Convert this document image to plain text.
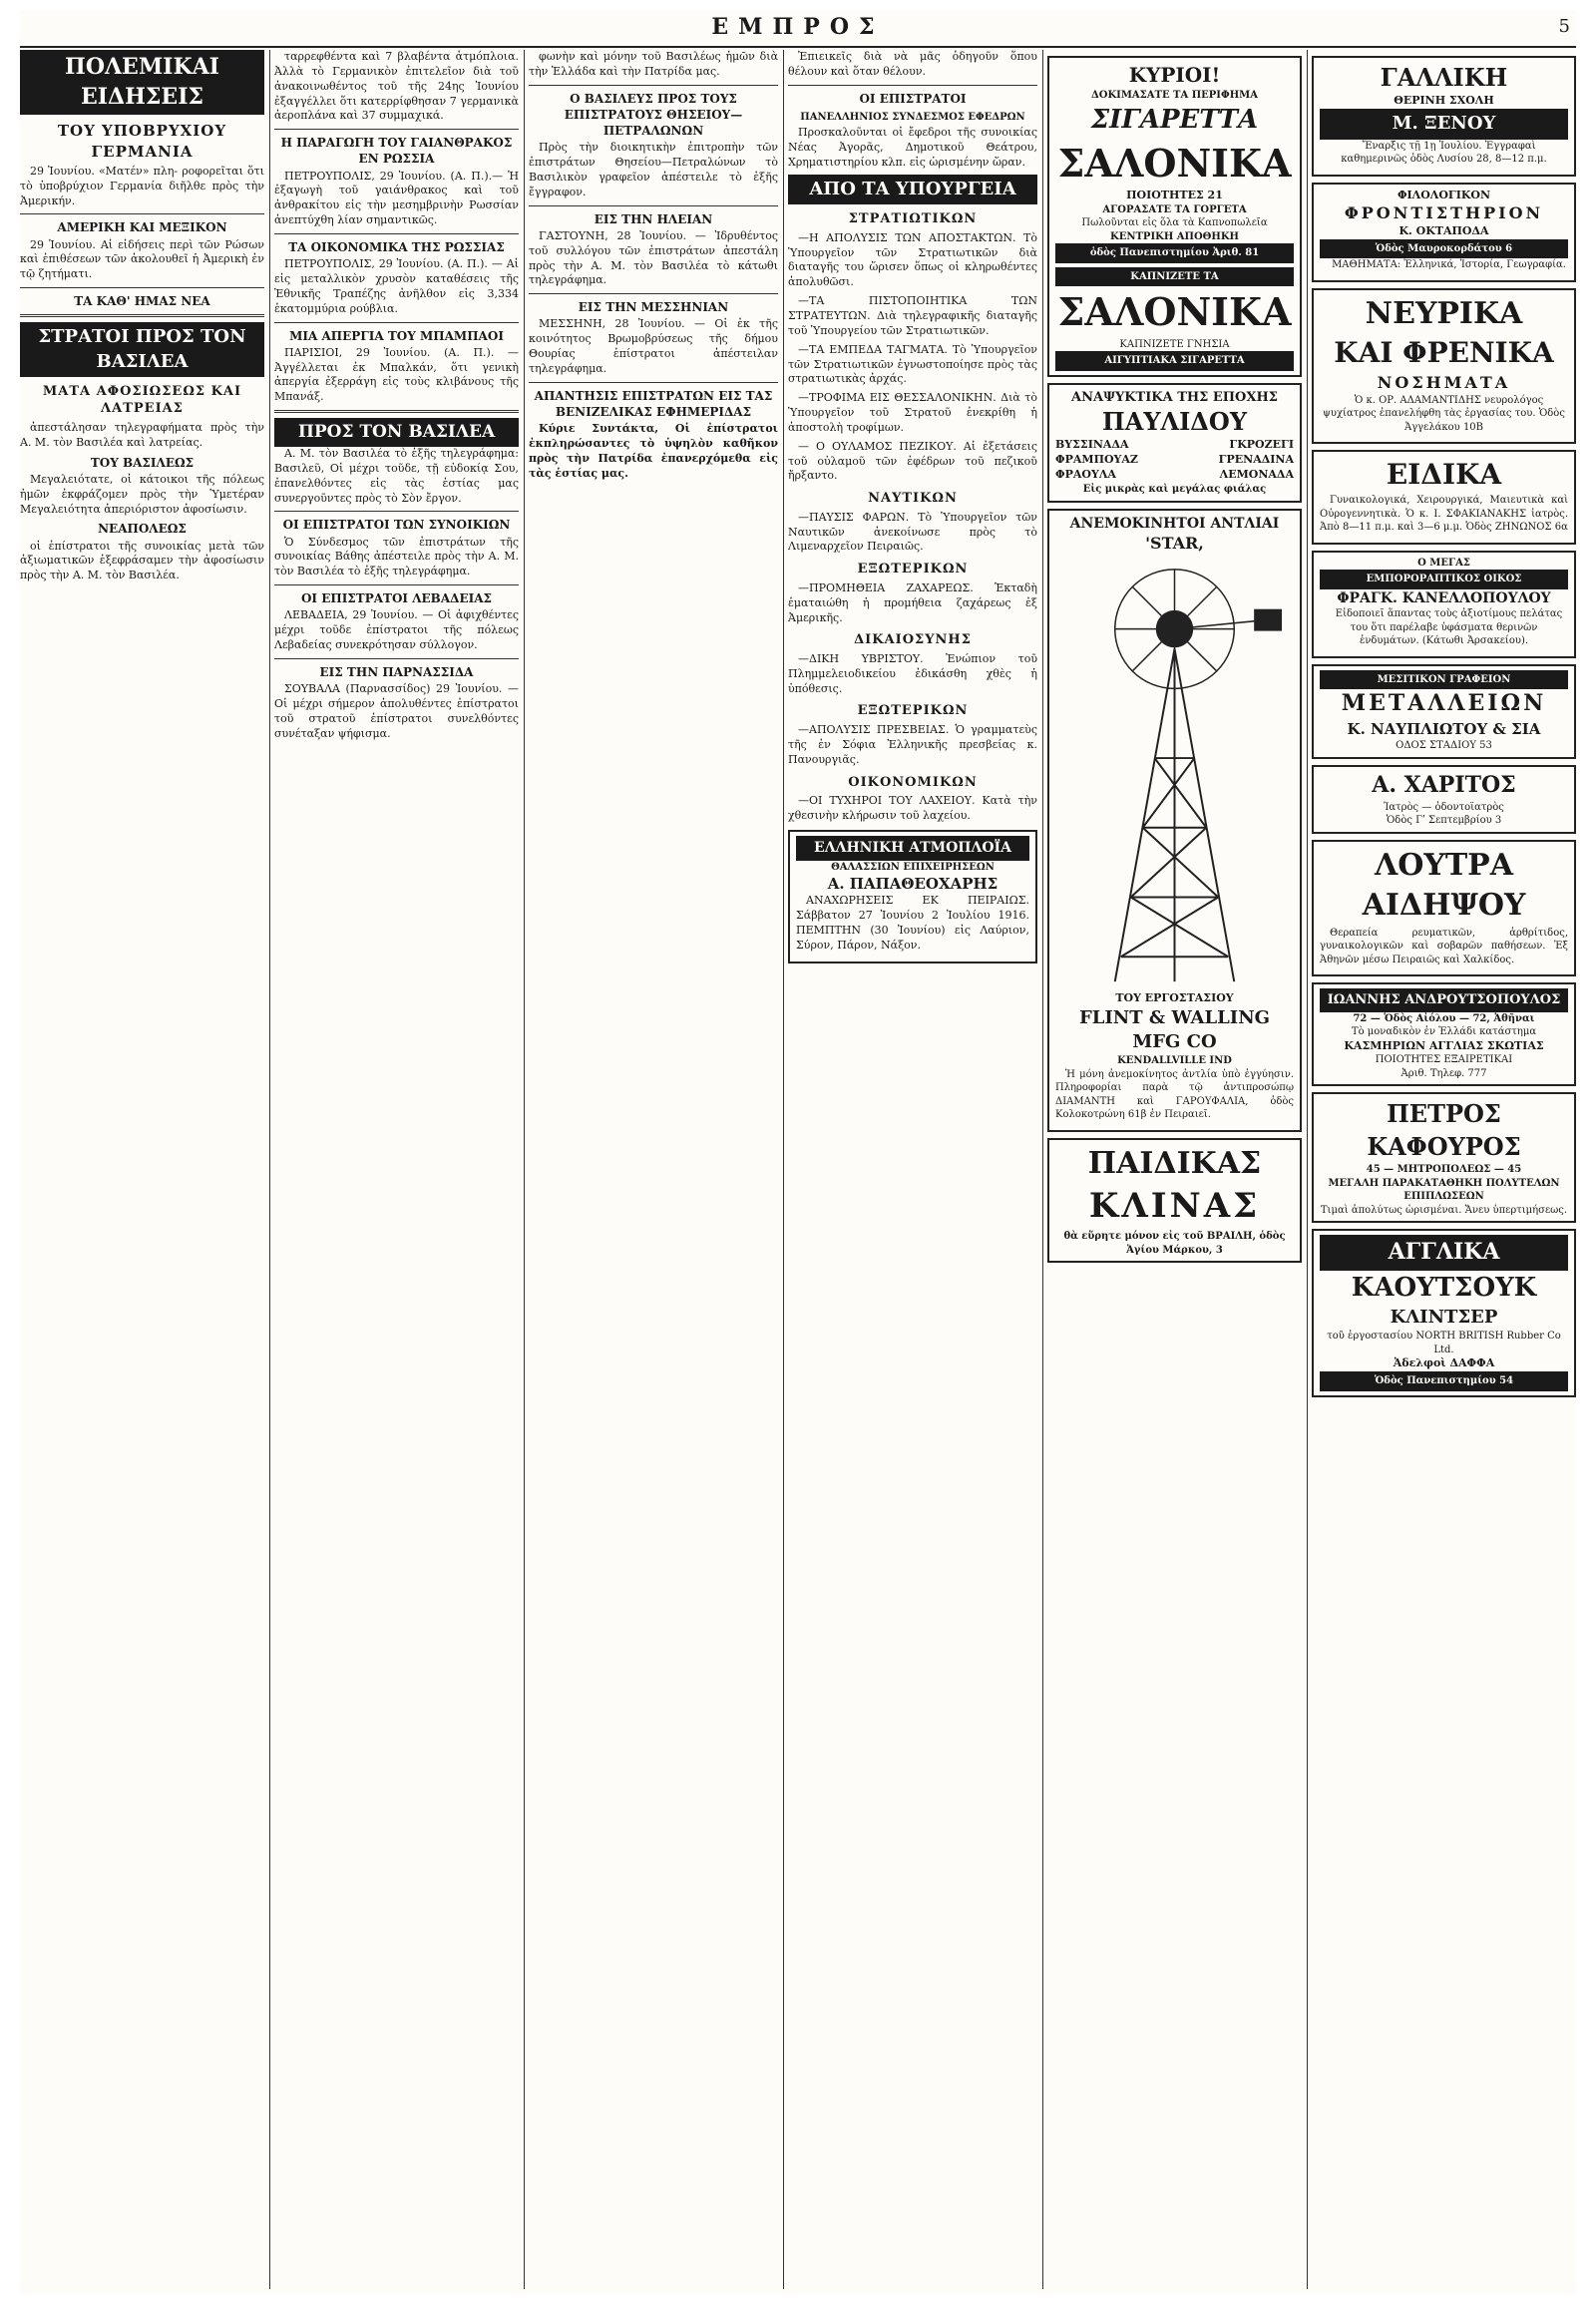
ΕΜΠΡΟΣ	5
ΠΟΛΕΜΙΚΑΙ ΕΙΔΗΣΕΙΣ
ΤΟΥ ΥΠΟΒΡΥΧΙΟΥ ΓΕΡΜΑΝΙΑ

29 Ἰουνίου. «Ματέν» πλη- ροφορεῖται ὅτι τὸ ὑποβρύχιον Γερμανία διῆλθε πρὸς τὴν Ἀμερικήν.

ΑΜΕΡΙΚΗ ΚΑΙ ΜΕΞΙΚΟΝ

29 Ἰουνίου. Αἱ εἰδήσεις περὶ τῶν Ρώσων καὶ ἐπιθέσεων τῶν ἀκολουθεῖ ἡ Ἀμερικὴ ἐν τῷ ζητήματι.

ΤΑ ΚΑΘ' ΗΜΑΣ ΝΕΑ
ΣΤΡΑΤΟΙ ΠΡΟΣ ΤΟΝ ΒΑΣΙΛΕΑ
ΜΑΤΑ ΑΦΟΣΙΩΣΕΩΣ ΚΑΙ ΛΑΤΡΕΙΑΣ

ἀπεστάλησαν τηλεγραφήματα πρὸς τὴν Α. Μ. τὸν Βασιλέα καὶ λατρείας.

ΤΟΥ ΒΑΣΙΛΕΩΣ

Μεγαλειότατε, οἱ κάτοικοι τῆς πόλεως ἡμῶν ἐκφράζομεν πρὸς τὴν Ὑμετέραν Μεγαλειότητα ἀπεριόριστον ἀφοσίωσιν.

ΝΕΑΠΟΛΕΩΣ

οἱ ἐπίστρατοι τῆς συνοικίας μετὰ τῶν ἀξιωματικῶν ἐξεφράσαμεν τὴν ἀφοσίωσιν πρὸς τὴν Α. Μ. τὸν Βασιλέα.

ταρρεφθέντα καὶ 7 βλαβέντα ἀτμόπλοια. Ἀλλὰ τὸ Γερμανικὸν ἐπιτελεῖον διὰ τοῦ ἀνακοινωθέντος τοῦ τῆς 24ης Ἰουνίου ἐξαγγέλλει ὅτι κατερρίφθησαν 7 γερμανικὰ ἀεροπλάνα καὶ 37 συμμαχικά.

Η ΠΑΡΑΓΩΓΗ ΤΟΥ ΓΑΙΑΝΘΡΑΚΟΣ ΕΝ ΡΩΣΣΙΑ

ΠΕΤΡΟΥΠΟΛΙΣ, 29 Ἰουνίου. (Α. Π.).— Ἡ ἐξαγωγὴ τοῦ γαιάνθρακος καὶ τοῦ ἀνθρακίτου εἰς τὴν μεσημβρινὴν Ρωσσίαν ἀνεπτύχθη λίαν σημαντικῶς.

ΤΑ ΟΙΚΟΝΟΜΙΚΑ ΤΗΣ ΡΩΣΣΙΑΣ

ΠΕΤΡΟΥΠΟΛΙΣ, 29 Ἰουνίου. (Α. Π.). — Αἱ εἰς μεταλλικὸν χρυσὸν καταθέσεις τῆς Ἐθνικῆς Τραπέζης ἀνῆλθον εἰς 3,334 ἑκατομμύρια ρούβλια.

ΜΙΑ ΑΠΕΡΓΙΑ ΤΟΥ ΜΠΑΜΠΑΟΙ

ΠΑΡΙΣΙΟΙ, 29 Ἰουνίου. (Α. Π.). — Ἀγγέλλεται ἐκ Μπαλκάν, ὅτι γενικὴ ἀπεργία ἐξερράγη εἰς τοὺς κλιβάνους τῆς Μπανάξ.

ΠΡΟΣ ΤΟΝ ΒΑΣΙΛΕΑ

Α. Μ. τὸν Βασιλέα τὸ ἑξῆς τηλεγράφημα: Βασιλεῦ, Οἱ μέχρι τοῦδε, τῇ εὐδοκίᾳ Σου, ἐπανελθόντες εἰς τὰς ἑστίας μας συνεργοῦντες πρὸς τὸ Σὸν ἔργον.

ΟΙ ΕΠΙΣΤΡΑΤΟΙ ΤΩΝ ΣΥΝΟΙΚΙΩΝ

Ὁ Σύνδεσμος τῶν ἐπιστράτων τῆς συνοικίας Βάθης ἀπέστειλε πρὸς τὴν Α. Μ. τὸν Βασιλέα τὸ ἑξῆς τηλεγράφημα.

ΟΙ ΕΠΙΣΤΡΑΤΟΙ ΛΕΒΑΔΕΙΑΣ

ΛΕΒΑΔΕΙΑ, 29 Ἰουνίου. — Οἱ ἀφιχθέντες μέχρι τοῦδε ἐπίστρατοι τῆς πόλεως Λεβαδείας συνεκρότησαν σύλλογον.

ΕΙΣ ΤΗΝ ΠΑΡΝΑΣΣΙΔΑ

ΣΟΥΒΑΛΑ (Παρνασσίδος) 29 Ἰουνίου. — Οἱ μέχρι σήμερον ἀπολυθέντες ἐπίστρατοι τοῦ στρατοῦ ἐπίστρατοι συνελθόντες συνέταξαν ψήφισμα.

φωνὴν καὶ μόνην τοῦ Βασιλέως ἡμῶν διὰ τὴν Ἑλλάδα καὶ τὴν Πατρίδα μας.

Ο ΒΑΣΙΛΕΥΣ ΠΡΟΣ ΤΟΥΣ ΕΠΙΣΤΡΑΤΟΥΣ ΘΗΣΕΙΟΥ—ΠΕΤΡΑΛΩΝΩΝ

Πρὸς τὴν διοικητικὴν ἐπιτροπὴν τῶν ἐπιστράτων Θησείου—Πετραλώνων τὸ Βασιλικὸν γραφεῖον ἀπέστειλε τὸ ἑξῆς ἔγγραφον.

ΕΙΣ ΤΗΝ ΗΛΕΙΑΝ

ΓΑΣΤΟΥΝΗ, 28 Ἰουνίου. — Ἰδρυθέντος τοῦ συλλόγου τῶν ἐπιστράτων ἀπεστάλη πρὸς τὴν Α. Μ. τὸν Βασιλέα τὸ κάτωθι τηλεγράφημα.

ΕΙΣ ΤΗΝ ΜΕΣΣΗΝΙΑΝ

ΜΕΣΣΗΝΗ, 28 Ἰουνίου. — Οἱ ἐκ τῆς κοινότητος Βρωμοβρύσεως τῆς δήμου Θουρίας ἐπίστρατοι ἀπέστειλαν τηλεγράφημα.

ΑΠΑΝΤΗΣΙΣ ΕΠΙΣΤΡΑΤΩΝ ΕΙΣ ΤΑΣ ΒΕΝΙΖΕΛΙΚΑΣ ΕΦΗΜΕΡΙΔΑΣ

Κύριε Συντάκτα, Οἱ ἐπίστρατοι ἐκπληρώσαντες τὸ ὑψηλὸν καθῆκον πρὸς τὴν Πατρίδα ἐπανερχόμεθα εἰς τὰς ἑστίας μας.

Ἐπιεικεῖς διὰ νὰ μᾶς ὁδηγοῦν ὅπου θέλουν καὶ ὅταν θέλουν.

ΟΙ ΕΠΙΣΤΡΑΤΟΙ
ΠΑΝΕΛΛΗΝΙΟΣ ΣΥΝΔΕΣΜΟΣ ΕΦΕΔΡΩΝ

Προσκαλοῦνται οἱ ἔφεδροι τῆς συνοικίας Νέας Ἀγορᾶς, Δημοτικοῦ Θεάτρου, Χρηματιστηρίου κλπ. εἰς ὡρισμένην ὥραν.

ΑΠΟ ΤΑ ΥΠΟΥΡΓΕΙΑ
ΣΤΡΑΤΙΩΤΙΚΩΝ

—Η ΑΠΟΛΥΣΙΣ ΤΩΝ ΑΠΟΣΤΑΚΤΩΝ. Τὸ Ὑπουργεῖον τῶν Στρατιωτικῶν διὰ διαταγῆς του ὥρισεν ὅπως οἱ κληρωθέντες ἀπολυθῶσι.

—ΤΑ ΠΙΣΤΟΠΟΙΗΤΙΚΑ ΤΩΝ ΣΤΡΑΤΕΥΤΩΝ. Διὰ τηλεγραφικῆς διαταγῆς τοῦ Ὑπουργείου τῶν Στρατιωτικῶν.

—ΤΑ ΕΜΠΕΔΑ ΤΑΓΜΑΤΑ. Τὸ Ὑπουργεῖον τῶν Στρατιωτικῶν ἐγνωστοποίησε πρὸς τὰς στρατιωτικὰς ἀρχάς.

—ΤΡΟΦΙΜΑ ΕΙΣ ΘΕΣΣΑΛΟΝΙΚΗΝ. Διὰ τὸ Ὑπουργεῖον τοῦ Στρατοῦ ἐνεκρίθη ἡ ἀποστολὴ τροφίμων.

— Ο ΟΥΛΑΜΟΣ ΠΕΖΙΚΟΥ. Αἱ ἐξετάσεις τοῦ οὐλαμοῦ τῶν ἐφέδρων τοῦ πεζικοῦ ἤρξαντο.

ΝΑΥΤΙΚΩΝ

—ΠΑΥΣΙΣ ΦΑΡΩΝ. Τὸ Ὑπουργεῖον τῶν Ναυτικῶν ἀνεκοίνωσε πρὸς τὸ Λιμεναρχεῖον Πειραιῶς.

ΕΞΩΤΕΡΙΚΩΝ

—ΠΡΟΜΗΘΕΙΑ ΖΑΧΑΡΕΩΣ. Ἑκταδὴ ἐματαιώθη ἡ προμήθεια ζαχάρεως ἐξ Ἀμερικῆς.

ΔΙΚΑΙΟΣΥΝΗΣ

—ΔΙΚΗ ΥΒΡΙΣΤΟΥ. Ἐνώπιον τοῦ Πλημμελειοδικείου ἐδικάσθη χθὲς ἡ ὑπόθεσις.

ΕΞΩΤΕΡΙΚΩΝ

—ΑΠΟΛΥΣΙΣ ΠΡΕΣΒΕΙΑΣ. Ὁ γραμματεὺς τῆς ἐν Σόφια Ἑλληνικῆς πρεσβείας κ. Πανουργιᾶς.

ΟΙΚΟΝΟΜΙΚΩΝ

—ΟΙ ΤΥΧΗΡΟΙ ΤΟΥ ΛΑΧΕΙΟΥ. Κατὰ τὴν χθεσινὴν κλήρωσιν τοῦ λαχείου.

ΕΛΛΗΝΙΚΗ ΑΤΜΟΠΛΟΪΑ
ΘΑΛΑΣΣΙΩΝ ΕΠΙΧΕΙΡΗΣΕΩΝ
Α. ΠΑΠΑΘΕΟΧΑΡΗΣ

ΑΝΑΧΩΡΗΣΕΙΣ ΕΚ ΠΕΙΡΑΙΩΣ. Σάββατον 27 Ἰουνίου 2 Ἰουλίου 1916. ΠΕΜΠΤΗΝ (30 Ἰουνίου) εἰς Λαύριον, Σύρον, Πάρον, Νάξον.

ΚΥΡΙΟΙ!
ΔΟΚΙΜΑΣΑΤΕ ΤΑ ΠΕΡΙΦΗΜΑ
ΣΙΓΑΡΕΤΤΑ
ΣΑΛΟΝΙΚΑ
ΠΟΙΟΤΗΤΕΣ 21
ΑΓΟΡΑΣΑΤΕ ΤΑ ΓΟΡΓΕΤΑ
Πωλοῦνται εἰς ὅλα τὰ Καπνοπωλεῖα
ΚΕΝΤΡΙΚΗ ΑΠΟΘΗΚΗ
ὁδὸς Πανεπιστημίου Ἀριθ. 81
ΚΑΠΝΙΖΕΤΕ ΤΑ
ΣΑΛΟΝΙΚΑ
ΚΑΠΝΙΖΕΤΕ ΓΝΗΣΙΑ
ΑΙΓΥΠΤΙΑΚΑ ΣΙΓΑΡΕΤΤΑ
ΑΝΑΨΥΚΤΙΚΑ ΤΗΣ ΕΠΟΧΗΣ
ΠΑΥΛΙΔΟΥ
ΒΥΣΣΙΝΑΔΑ	ΓΚΡΟΖΕΓΙ
ΦΡΑΜΠΟΥΑΖ	ΓΡΕΝΑΔΙΝΑ
ΦΡΑΟΥΛΑ	ΛΕΜΟΝΑΔΑ
Εἰς μικρὰς καὶ μεγάλας φιάλας
ΑΝΕΜΟΚΙΝΗΤΟΙ ΑΝΤΛΙΑΙ
'STAR,
ΤΟΥ ΕΡΓΟΣΤΑΣΙΟΥ
FLINT & WALLING MFG CO
KENDALLVILLE IND

Ἡ μόνη ἀνεμοκίνητος ἀντλία ὑπὸ ἐγγύησιν. Πληροφορίαι παρὰ τῷ ἀντιπροσώπῳ ΔΙΑΜΑΝΤΗ καὶ ΓΑΡΟΥΦΑΛΙΑ, ὁδὸς Κολοκοτρώνη 61β ἐν Πειραιεῖ.

ΠΑΙΔΙΚΑΣ
ΚΛΙΝΑΣ
θὰ εὕρητε μόνον εἰς τοῦ ΒΡΑΙΛΗ, ὁδὸς Ἁγίου Μάρκου, 3
ΓΑΛΛΙΚΗ
ΘΕΡΙΝΗ ΣΧΟΛΗ
Μ. ΞΕΝΟΥ

Ἔναρξις τῇ 1ῃ Ἰουλίου. Ἐγγραφαὶ καθημερινῶς ὁδὸς Λυσίου 28, 8—12 π.μ.

ΦΙΛΟΛΟΓΙΚΟΝ
ΦΡΟΝΤΙΣΤΗΡΙΟΝ
Κ. ΟΚΤΑΠΟΔΑ
Ὁδὸς Μαυροκορδάτου 6

ΜΑΘΗΜΑΤΑ: Ἑλληνικά, Ἱστορία, Γεωγραφία.

ΝΕΥΡΙΚΑ
ΚΑΙ ΦΡΕΝΙΚΑ
ΝΟΣΗΜΑΤΑ

Ὁ κ. ΟΡ. ΑΔΑΜΑΝΤΙΔΗΣ νευρολόγος ψυχίατρος ἐπανελήφθη τὰς ἐργασίας του. Ὁδὸς Ἀγγελάκου 10Β

ΕΙΔΙΚΑ

Γυναικολογικά, Χειρουργικά, Μαιευτικὰ καὶ Οὐρογεννητικὰ. Ὁ κ. Ι. ΣΦΑΚΙΑΝΑΚΗΣ ἰατρὸς. Ἀπὸ 8—11 π.μ. καὶ 3—6 μ.μ. Ὁδὸς ΖΗΝΩΝΟΣ 6α

Ο ΜΕΓΑΣ
ΕΜΠΟΡΟΡΑΠΤΙΚΟΣ ΟΙΚΟΣ
ΦΡΑΓΚ. ΚΑΝΕΛΛΟΠΟΥΛΟΥ

Εἰδοποιεῖ ἅπαντας τοὺς ἀξιοτίμους πελάτας του ὅτι παρέλαβε ὑφάσματα θερινῶν ἐνδυμάτων. (Κάτωθι Ἀρσακείου).

ΜΕΣΙΤΙΚΟΝ ΓΡΑΦΕΙΟΝ
ΜΕΤΑΛΛΕΙΩΝ
Κ. ΝΑΥΠΛΙΩΤΟΥ & ΣΙΑ
ΟΔΟΣ ΣΤΑΔΙΟΥ 53
Α. ΧΑΡΙΤΟΣ
Ἰατρὸς — ὀδοντοϊατρὸς
Ὁδὸς Γʹ Σεπτεμβρίου 3
ΛΟΥΤΡΑ ΑΙΔΗΨΟΥ

Θεραπεία ρευματικῶν, ἀρθρίτιδος, γυναικολογικῶν καὶ σοβαρῶν παθήσεων. Ἐξ Ἀθηνῶν μέσω Πειραιῶς καὶ Χαλκίδος.

ΙΩΑΝΝΗΣ ΑΝΔΡΟΥΤΣΟΠΟΥΛΟΣ
72 — Ὁδὸς Αἰόλου — 72, Ἀθῆναι
Τὸ μοναδικὸν ἐν Ἑλλάδι κατάστημα
ΚΑΣΜΗΡΙΩΝ ΑΓΓΛΙΑΣ ΣΚΩΤΙΑΣ
ΠΟΙΟΤΗΤΕΣ ΕΞΑΙΡΕΤΙΚΑΙ
Ἀριθ. Τηλεφ. 777
ΠΕΤΡΟΣ ΚΑΦΟΥΡΟΣ
45 — ΜΗΤΡΟΠΟΛΕΩΣ — 45
ΜΕΓΑΛΗ ΠΑΡΑΚΑΤΑΘΗΚΗ ΠΟΛΥΤΕΛΩΝ ΕΠΙΠΛΩΣΕΩΝ
Τιμαὶ ἀπολύτως ὡρισμέναι. Ἄνευ ὑπερτιμήσεως.
ΑΓΓΛΙΚΑ
ΚΑΟΥΤΣΟΥΚ
ΚΛΙΝΤΣΕΡ
τοῦ ἐργοστασίου NORTH BRITISH Rubber Co Ltd.
Ἀδελφοὶ ΔΑΦΦΑ
Ὁδὸς Πανεπιστημίου 54
